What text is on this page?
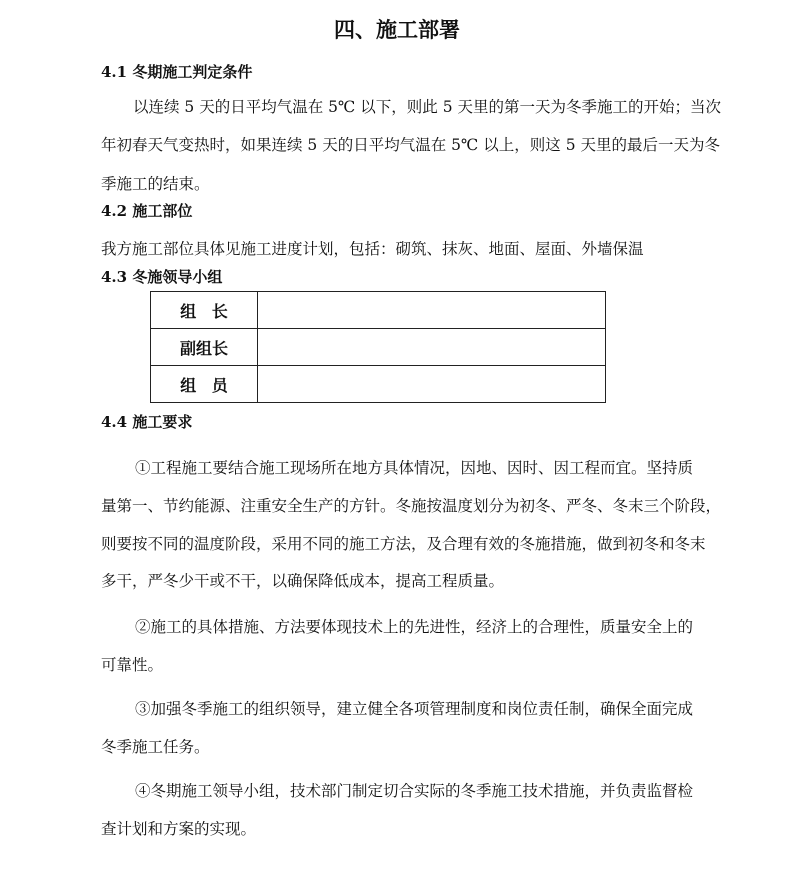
四、施工部署
4.1 冬期施工判定条件
以连续 5 天的日平均气温在 5℃ 以下，则此 5 天里的第一天为冬季施工的开始；当次
年初春天气变热时，如果连续 5 天的日平均气温在 5℃ 以上，则这 5 天里的最后一天为冬
季施工的结束。
4.2 施工部位
我方施工部位具体见施工进度计划，包括：砌筑、抹灰、地面、屋面、外墙保温
4.3 冬施领导小组
组 长	
副组长	
组 员	
4.4 施工要求
①工程施工要结合施工现场所在地方具体情况，因地、因时、因工程而宜。坚持质
量第一、节约能源、注重安全生产的方针。冬施按温度划分为初冬、严冬、冬末三个阶段，
则要按不同的温度阶段，采用不同的施工方法，及合理有效的冬施措施，做到初冬和冬末
多干，严冬少干或不干，以确保降低成本，提高工程质量。
②施工的具体措施、方法要体现技术上的先进性，经济上的合理性，质量安全上的
可靠性。
③加强冬季施工的组织领导，建立健全各项管理制度和岗位责任制，确保全面完成
冬季施工任务。
④冬期施工领导小组，技术部门制定切合实际的冬季施工技术措施，并负责监督检
查计划和方案的实现。
